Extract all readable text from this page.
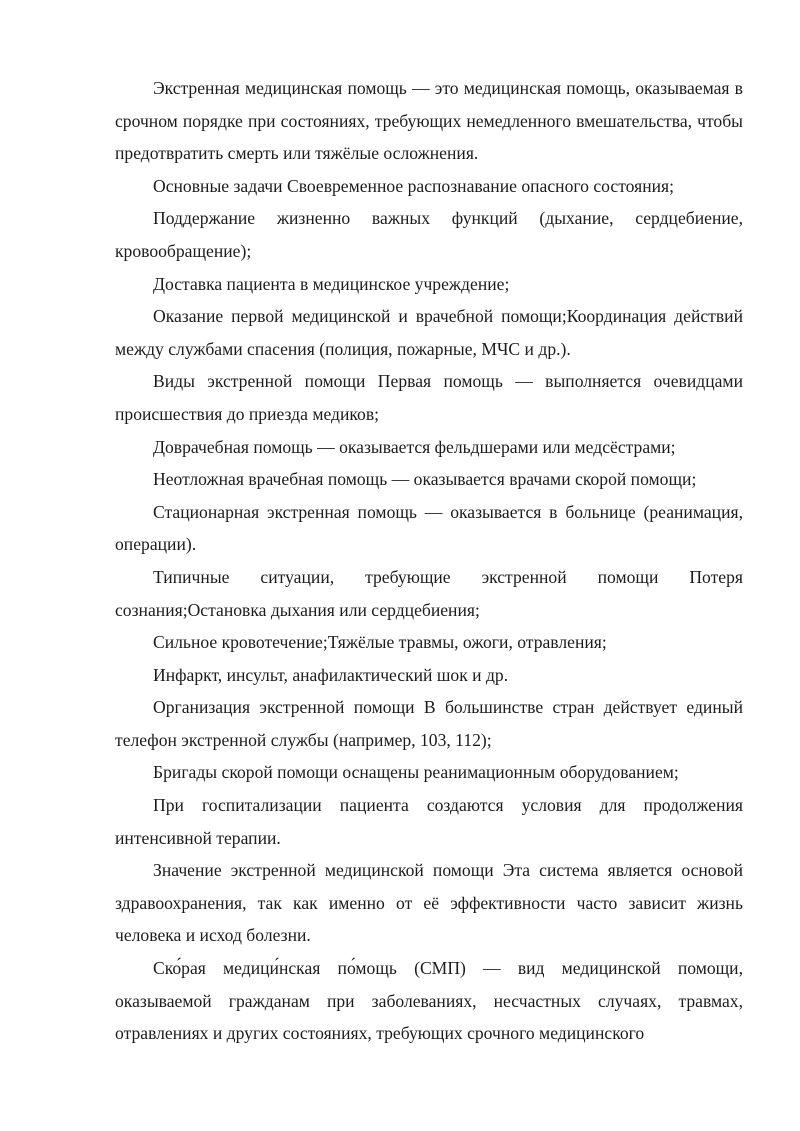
Экстренная медицинская помощь — это медицинская помощь, оказываемая в срочном порядке при состояниях, требующих немедленного вмешательства, чтобы предотвратить смерть или тяжёлые осложнения.

Основные задачи Своевременное распознавание опасного состояния;

Поддержание жизненно важных функций (дыхание, сердцебиение, кровообращение);

Доставка пациента в медицинское учреждение;

Оказание первой медицинской и врачебной помощи;Координация действий между службами спасения (полиция, пожарные, МЧС и др.).

Виды экстренной помощи Первая помощь — выполняется очевидцами происшествия до приезда медиков;

Доврачебная помощь — оказывается фельдшерами или медсёстрами;

Неотложная врачебная помощь — оказывается врачами скорой помощи;

Стационарная экстренная помощь — оказывается в больнице (реанимация, операции).

Типичные ситуации, требующие экстренной помощи Потеря сознания;Остановка дыхания или сердцебиения;

Сильное кровотечение;Тяжёлые травмы, ожоги, отравления;

Инфаркт, инсульт, анафилактический шок и др.

Организация экстренной помощи В большинстве стран действует единый телефон экстренной службы (например, 103, 112);

Бригады скорой помощи оснащены реанимационным оборудованием;

При госпитализации пациента создаются условия для продолжения интенсивной терапии.

Значение экстренной медицинской помощи Эта система является основой здравоохранения, так как именно от её эффективности часто зависит жизнь человека и исход болезни.

Ско́рая медици́нская по́мощь (СМП) — вид медицинской помощи, оказываемой гражданам при заболеваниях, несчастных случаях, травмах, отравлениях и других состояниях, требующих срочного медицинского
